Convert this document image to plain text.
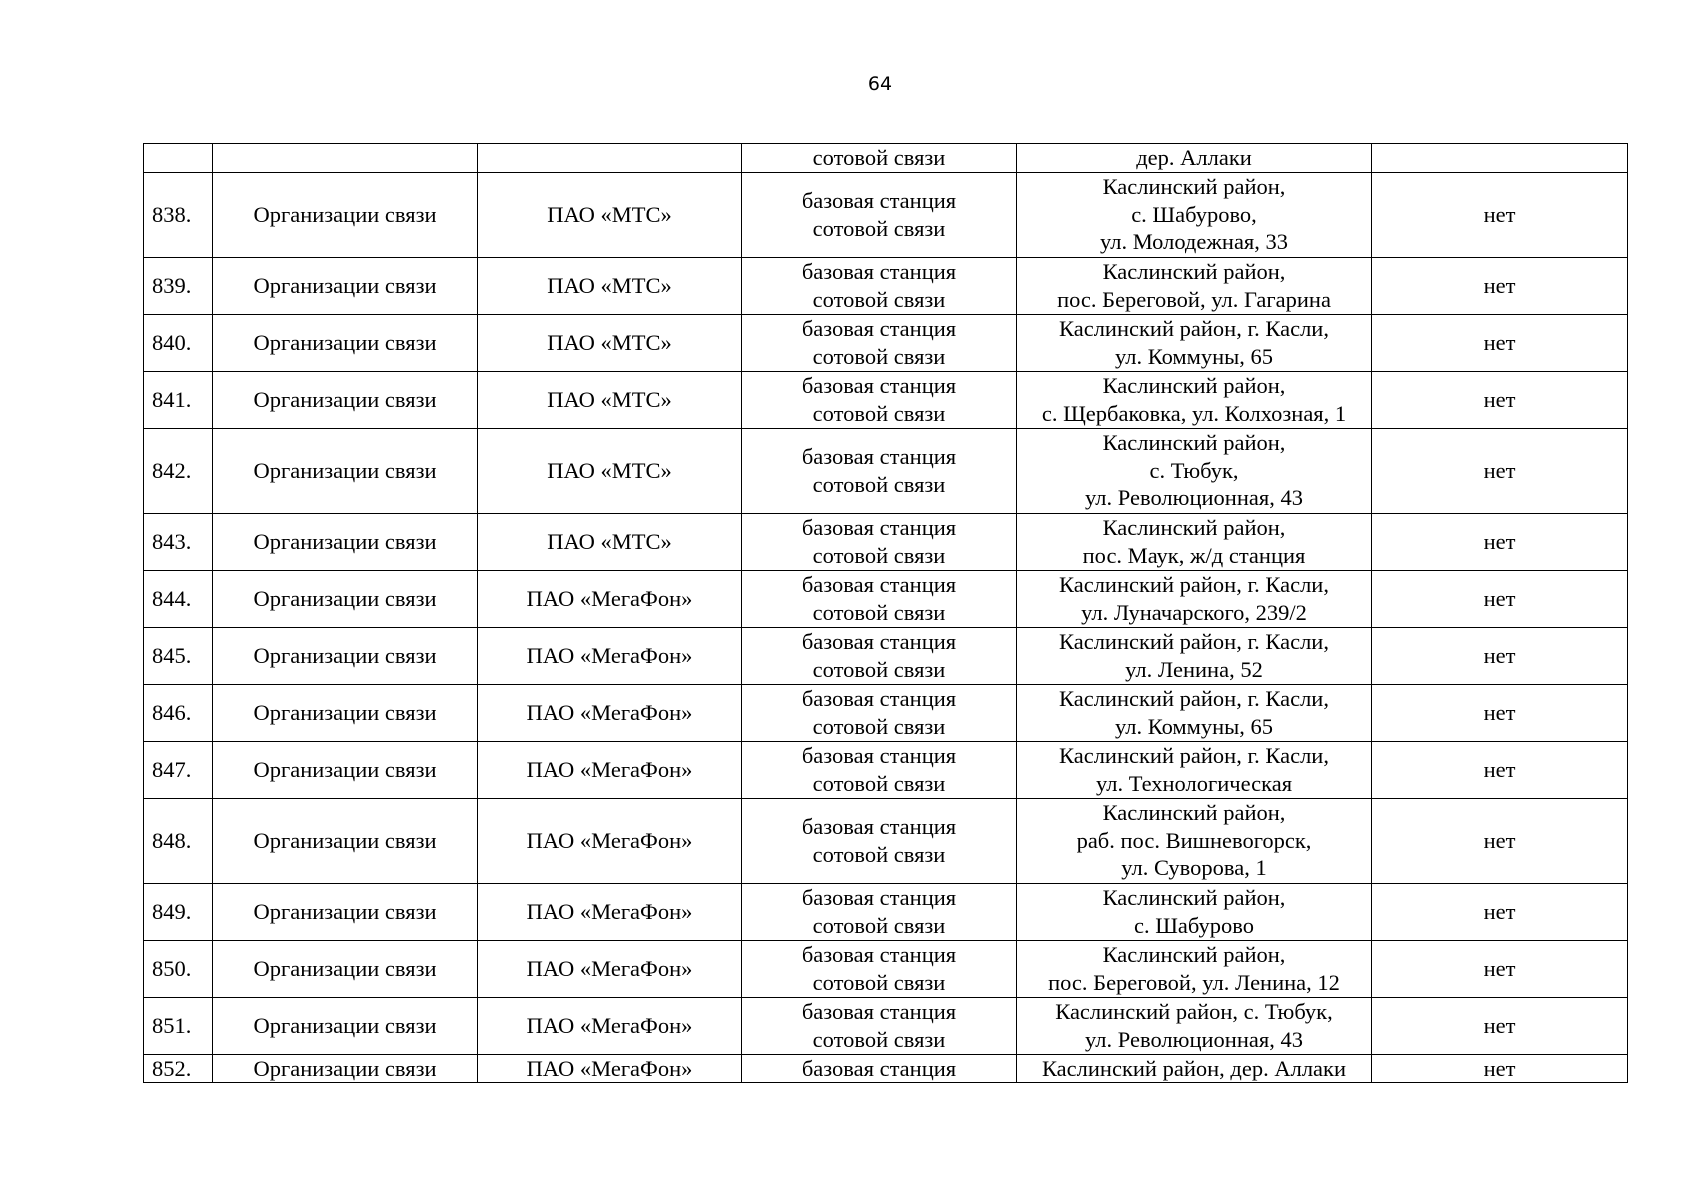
64

			сотовой связи	дер. Аллаки	

838.	Организации связи	ПАО «МТС»	базовая станция
сотовой связи	Каслинский район,
с. Шабурово,
ул. Молодежная, 33	нет
839.	Организации связи	ПАО «МТС»	базовая станция
сотовой связи	Каслинский район,
пос. Береговой, ул. Гагарина	нет
840.	Организации связи	ПАО «МТС»	базовая станция
сотовой связи	Каслинский район, г. Касли,
ул. Коммуны, 65	нет
841.	Организации связи	ПАО «МТС»	базовая станция
сотовой связи	Каслинский район,
с. Щербаковка, ул. Колхозная, 1	нет
842.	Организации связи	ПАО «МТС»	базовая станция
сотовой связи	Каслинский район,
с. Тюбук,
ул. Революционная, 43	нет
843.	Организации связи	ПАО «МТС»	базовая станция
сотовой связи	Каслинский район,
пос. Маук, ж/д станция	нет
844.	Организации связи	ПАО «МегаФон»	базовая станция
сотовой связи	Каслинский район, г. Касли,
ул. Луначарского, 239/2	нет
845.	Организации связи	ПАО «МегаФон»	базовая станция
сотовой связи	Каслинский район, г. Касли,
ул. Ленина, 52	нет
846.	Организации связи	ПАО «МегаФон»	базовая станция
сотовой связи	Каслинский район, г. Касли,
ул. Коммуны, 65	нет
847.	Организации связи	ПАО «МегаФон»	базовая станция
сотовой связи	Каслинский район, г. Касли,
ул. Технологическая	нет
848.	Организации связи	ПАО «МегаФон»	базовая станция
сотовой связи	Каслинский район,
раб. пос. Вишневогорск,
ул. Суворова, 1	нет
849.	Организации связи	ПАО «МегаФон»	базовая станция
сотовой связи	Каслинский район,
с. Шабурово	нет
850.	Организации связи	ПАО «МегаФон»	базовая станция
сотовой связи	Каслинский район,
пос. Береговой, ул. Ленина, 12	нет
851.	Организации связи	ПАО «МегаФон»	базовая станция
сотовой связи	Каслинский район, с. Тюбук,
ул. Революционная, 43	нет
852.	Организации связи	ПАО «МегаФон»	базовая станция	Каслинский район, дер. Аллаки	нет
